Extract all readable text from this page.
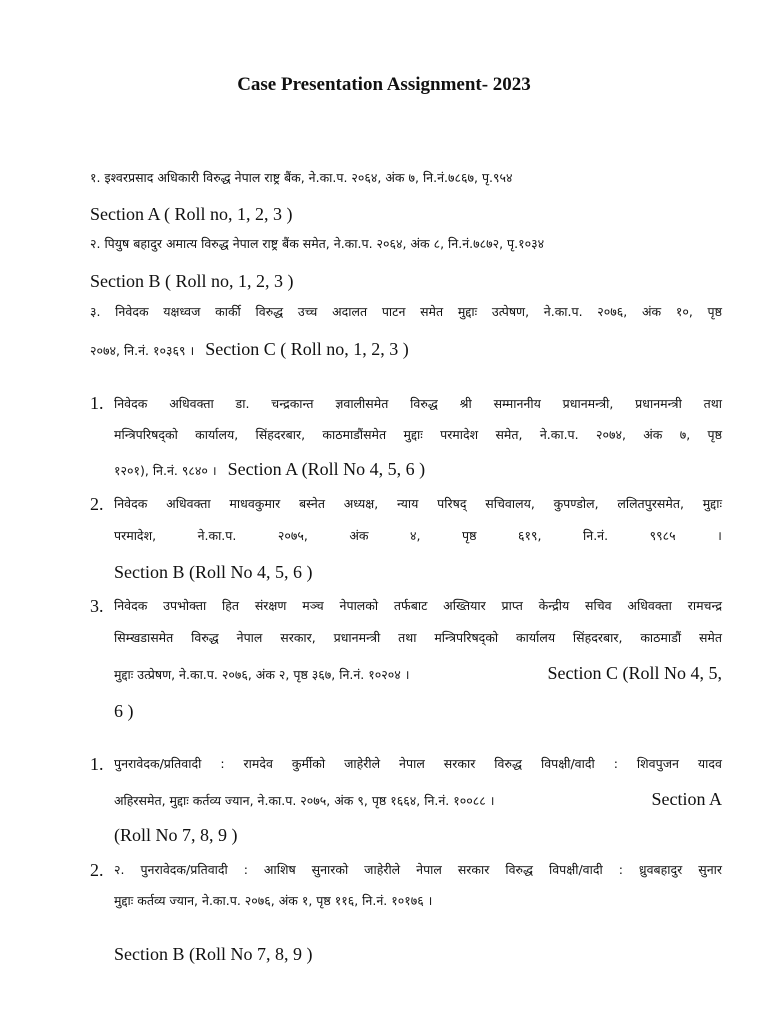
Case Presentation Assignment- 2023
१. इश्वरप्रसाद अधिकारी विरुद्ध नेपाल राष्ट्र बैंक, ने.का.प. २०६४, अंक ७, नि.नं.७८६७, पृ.९५४
Section A ( Roll no, 1, 2, 3 )
२. पियुष बहादुर अमात्य विरुद्ध नेपाल राष्ट्र बैंक समेत, ने.का.प. २०६४, अंक ८, नि.नं.७८७२, पृ.१०३४
Section B ( Roll no, 1, 2, 3 )
३. निवेदक यक्षध्वज कार्की विरुद्ध उच्च अदालत पाटन समेत मुद्दाः उत्पेषण, ने.का.प. २०७६, अंक १०, पृष्ठ
२०७४, नि.नं. १०३६९ । Section C ( Roll no, 1, 2, 3 )
1. निवेदक अधिवक्ता डा. चन्द्रकान्त ज्ञवालीसमेत विरुद्ध श्री सम्माननीय प्रधानमन्त्री, प्रधानमन्त्री तथा
मन्त्रिपरिषद्को कार्यालय, सिंहदरबार, काठमाडौंसमेत मुद्दाः परमादेश समेत, ने.का.प. २०७४, अंक ७, पृष्ठ
१२०१), नि.नं. ९८४० । Section A (Roll No 4, 5, 6 )
2. निवेदक अधिवक्ता माधवकुमार बस्नेत अध्यक्ष, न्याय परिषद् सचिवालय, कुपण्डोल, ललितपुरसमेत, मुद्दाः
परमादेश,	ने.का.प.	२०७५,	अंक	४,	पृष्ठ	६१९,	नि.नं.	९९८५	।
Section B (Roll No 4, 5, 6 )
3. निवेदक उपभोक्ता हित संरक्षण मञ्च नेपालको तर्फबाट अख्तियार प्राप्त केन्द्रीय सचिव अधिवक्ता रामचन्द्र
सिम्खडासमेत विरुद्ध नेपाल सरकार, प्रधानमन्त्री तथा मन्त्रिपरिषद्को कार्यालय सिंहदरबार, काठमाडौं समेत
मुद्दाः उत्प्रेषण, ने.का.प. २०७६, अंक २, पृष्ठ ३६७, नि.नं. १०२०४ ।	Section C (Roll No 4, 5,
6 )
1. पुनरावेदक/प्रतिवादी : रामदेव कुर्मीको जाहेरीले नेपाल सरकार विरुद्ध विपक्षी/वादी : शिवपुजन यादव
अहिरसमेत, मुद्दाः कर्तव्य ज्यान, ने.का.प. २०७५, अंक ९, पृष्ठ १६६४, नि.नं. १००८८ ।	Section A
(Roll No 7, 8, 9 )
2. २. पुनरावेदक/प्रतिवादी : आशिष सुनारको जाहेरीले नेपाल सरकार विरुद्ध विपक्षी/वादी : ध्रुवबहादुर सुनार
मुद्दाः कर्तव्य ज्यान, ने.का.प. २०७६, अंक १, पृष्ठ ११६, नि.नं. १०१७६ ।
Section B (Roll No 7, 8, 9 )
